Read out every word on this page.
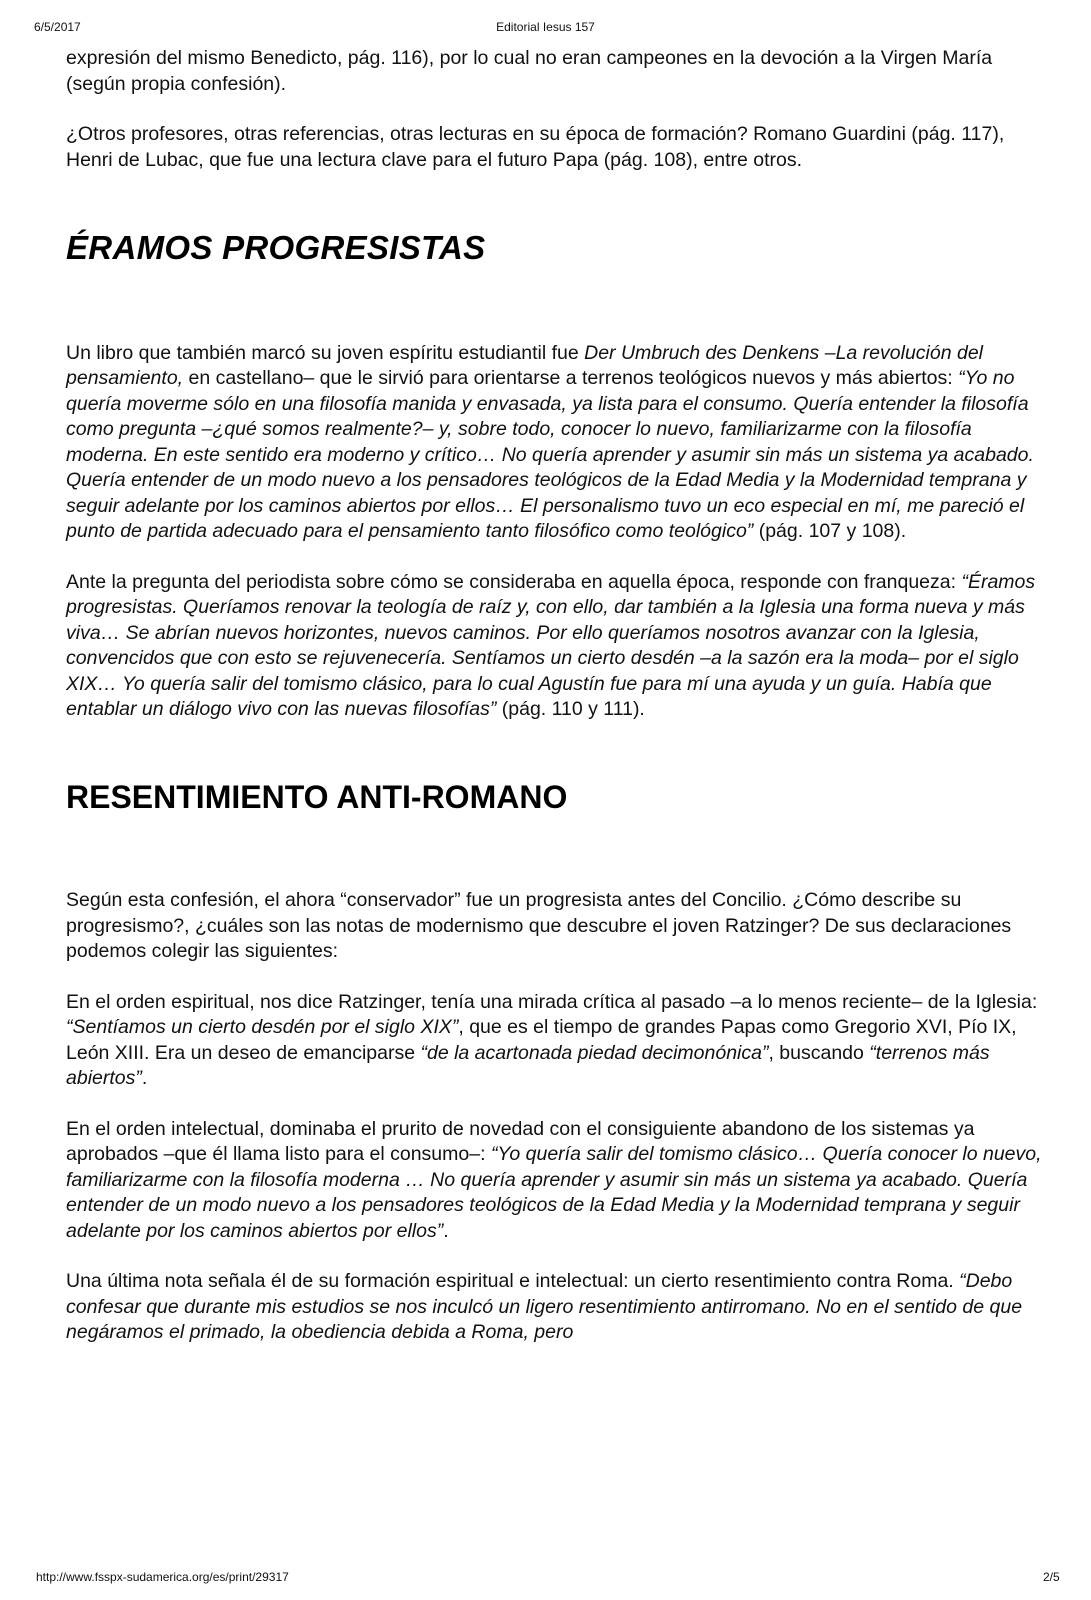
6/5/2017	Editorial Iesus 157

expresión del mismo Benedicto, pág. 116), por lo cual no eran campeones en la devoción a la Virgen María (según propia confesión).

¿Otros profesores, otras referencias, otras lecturas en su época de formación? Romano Guardini (pág. 117), Henri de Lubac, que fue una lectura clave para el futuro Papa (pág. 108), entre otros.

ÉRAMOS PROGRESISTAS

Un libro que también marcó su joven espíritu estudiantil fue Der Umbruch des Denkens –La revolución del pensamiento, en castellano– que le sirvió para orientarse a terrenos teológicos nuevos y más abiertos: “Yo no quería moverme sólo en una filosofía manida y envasada, ya lista para el consumo. Quería entender la filosofía como pregunta –¿qué somos realmente?– y, sobre todo, conocer lo nuevo, familiarizarme con la filosofía moderna. En este sentido era moderno y crítico… No quería aprender y asumir sin más un sistema ya acabado. Quería entender de un modo nuevo a los pensadores teológicos de la Edad Media y la Modernidad temprana y seguir adelante por los caminos abiertos por ellos… El personalismo tuvo un eco especial en mí, me pareció el punto de partida adecuado para el pensamiento tanto filosófico como teológico” (pág. 107 y 108).

Ante la pregunta del periodista sobre cómo se consideraba en aquella época, responde con franqueza: “Éramos progresistas. Queríamos renovar la teología de raíz y, con ello, dar también a la Iglesia una forma nueva y más viva… Se abrían nuevos horizontes, nuevos caminos. Por ello queríamos nosotros avanzar con la Iglesia, convencidos que con esto se rejuvenecería. Sentíamos un cierto desdén –a la sazón era la moda– por el siglo XIX… Yo quería salir del tomismo clásico, para lo cual Agustín fue para mí una ayuda y un guía. Había que entablar un diálogo vivo con las nuevas filosofías” (pág. 110 y 111).

RESENTIMIENTO ANTI-ROMANO

Según esta confesión, el ahora “conservador” fue un progresista antes del Concilio. ¿Cómo describe su progresismo?, ¿cuáles son las notas de modernismo que descubre el joven Ratzinger? De sus declaraciones podemos colegir las siguientes:

En el orden espiritual, nos dice Ratzinger, tenía una mirada crítica al pasado –a lo menos reciente– de la Iglesia: “Sentíamos un cierto desdén por el siglo XIX”, que es el tiempo de grandes Papas como Gregorio XVI, Pío IX, León XIII. Era un deseo de emanciparse “de la acartonada piedad decimonónica”, buscando “terrenos más abiertos”.

En el orden intelectual, dominaba el prurito de novedad con el consiguiente abandono de los sistemas ya aprobados –que él llama listo para el consumo–: “Yo quería salir del tomismo clásico… Quería conocer lo nuevo, familiarizarme con la filosofía moderna … No quería aprender y asumir sin más un sistema ya acabado. Quería entender de un modo nuevo a los pensadores teológicos de la Edad Media y la Modernidad temprana y seguir adelante por los caminos abiertos por ellos”.

Una última nota señala él de su formación espiritual e intelectual: un cierto resentimiento contra Roma. “Debo confesar que durante mis estudios se nos inculcó un ligero resentimiento antirromano. No en el sentido de que negáramos el primado, la obediencia debida a Roma, pero

http://www.fsspx-sudamerica.org/es/print/29317	2/5
